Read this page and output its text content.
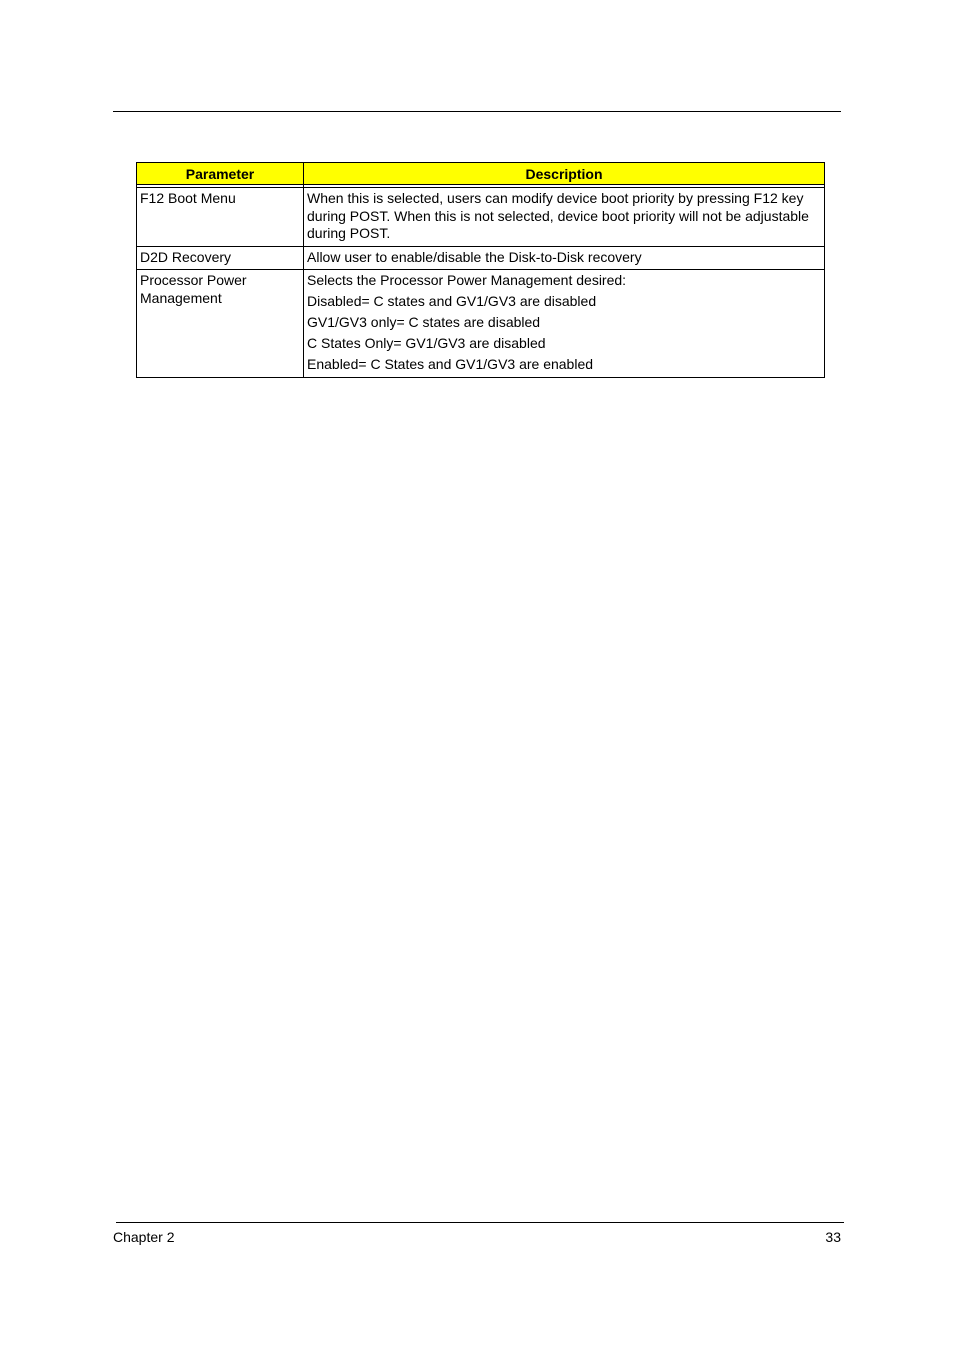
Parameter	Description

F12 Boot Menu	When this is selected, users can modify device boot priority by pressing F12 key during POST. When this is not selected, device boot priority will not be adjustable during POST.

D2D Recovery	Allow user to enable/disable the Disk-to-Disk recovery

Processor Power Management	Selects the Processor Power Management desired:
Disabled= C states and GV1/GV3 are disabled
GV1/GV3 only= C states are disabled
C States Only= GV1/GV3 are disabled
Enabled= C States and GV1/GV3 are enabled
Chapter 2	33
